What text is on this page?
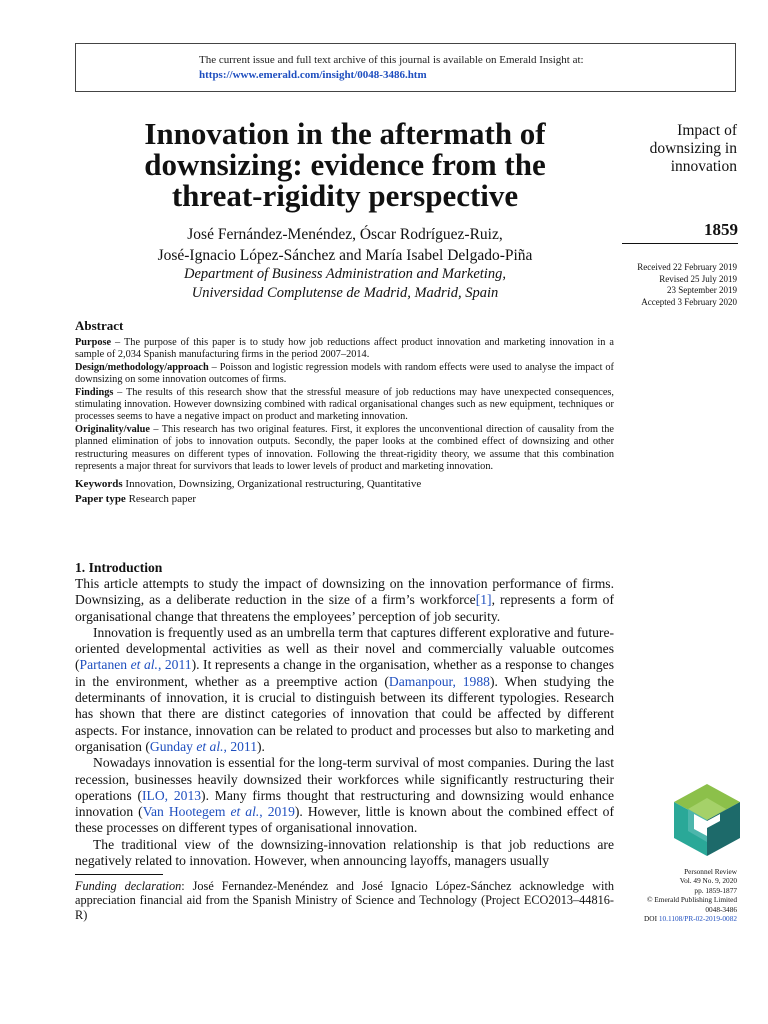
The current issue and full text archive of this journal is available on Emerald Insight at:
https://www.emerald.com/insight/0048-3486.htm
Innovation in the aftermath of
downsizing: evidence from the
threat-rigidity perspective
José Fernández-Menéndez, Óscar Rodríguez-Ruiz,
José-Ignacio López-Sánchez and María Isabel Delgado-Piña
Department of Business Administration and Marketing,
Universidad Complutense de Madrid, Madrid, Spain
Impact of
downsizing in
innovation
1859
Received 22 February 2019
Revised 25 July 2019
23 September 2019
Accepted 3 February 2020
Abstract

Purpose – The purpose of this paper is to study how job reductions affect product innovation and marketing innovation in a sample of 2,034 Spanish manufacturing firms in the period 2007–2014.

Design/methodology/approach – Poisson and logistic regression models with random effects were used to analyse the impact of downsizing on some innovation outcomes of firms.

Findings – The results of this research show that the stressful measure of job reductions may have unexpected consequences, stimulating innovation. However downsizing combined with radical organisational changes such as new equipment, techniques or processes seems to have a negative impact on product and marketing innovation.

Originality/value – This research has two original features. First, it explores the unconventional direction of causality from the planned elimination of jobs to innovation outputs. Secondly, the paper looks at the combined effect of downsizing and other restructuring measures on different types of innovation. Following the threat-rigidity theory, we assume that this combination represents a major threat for survivors that leads to lower levels of product and marketing innovation.

Keywords Innovation, Downsizing, Organizational restructuring, Quantitative

Paper type Research paper

1. Introduction

This article attempts to study the impact of downsizing on the innovation performance of firms. Downsizing, as a deliberate reduction in the size of a firm’s workforce[1], represents a form of organisational change that threatens the employees’ perception of job security.

Innovation is frequently used as an umbrella term that captures different explorative and future-oriented developmental activities as well as their novel and commercially valuable outcomes (Partanen et al., 2011). It represents a change in the organisation, whether as a response to changes in the environment, whether as a preemptive action (Damanpour, 1988). When studying the determinants of innovation, it is crucial to distinguish between its different typologies. Research has shown that there are distinct categories of innovation that could be affected by different aspects. For instance, innovation can be related to product and processes but also to marketing and organisation (Gunday et al., 2011).

Nowadays innovation is essential for the long-term survival of most companies. During the last recession, businesses heavily downsized their workforces while significantly restructuring their operations (ILO, 2013). Many firms thought that restructuring and downsizing would enhance innovation (Van Hootegem et al., 2019). However, little is known about the combined effect of these processes on different types of organisational innovation.

The traditional view of the downsizing-innovation relationship is that job reductions are negatively related to innovation. However, when announcing layoffs, managers usually

Funding declaration: José Fernandez-Menéndez and José Ignacio López-Sánchez acknowledge with appreciation financial aid from the Spanish Ministry of Science and Technology (Project ECO2013–44816-R)
Personnel Review
Vol. 49 No. 9, 2020
pp. 1859-1877
© Emerald Publishing Limited
0048-3486
DOI 10.1108/PR-02-2019-0082
